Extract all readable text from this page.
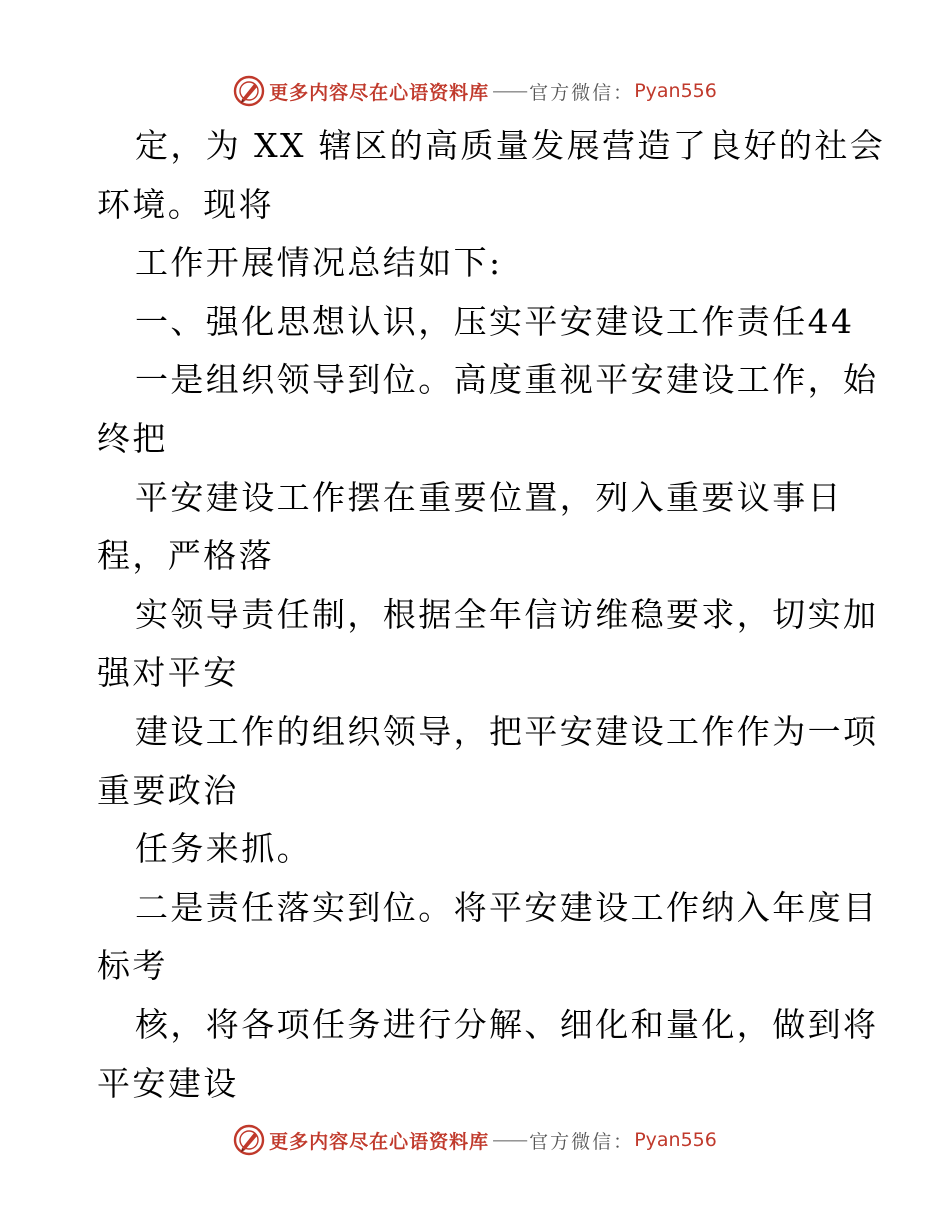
更多内容尽在心语资料库 —— 官方微信： Pyan556
定，为 XX 辖区的高质量发展营造了良好的社会
环境。现将
工作开展情况总结如下:
一、强化思想认识，压实平安建设工作责任44
一是组织领导到位。高度重视平安建设工作，始
终把
平安建设工作摆在重要位置，列入重要议事日
程，严格落
实领导责任制，根据全年信访维稳要求，切实加
强对平安
建设工作的组织领导，把平安建设工作作为一项
重要政治
任务来抓。
二是责任落实到位。将平安建设工作纳入年度目
标考
核，将各项任务进行分解、细化和量化，做到将
平安建设
更多内容尽在心语资料库 —— 官方微信： Pyan556
